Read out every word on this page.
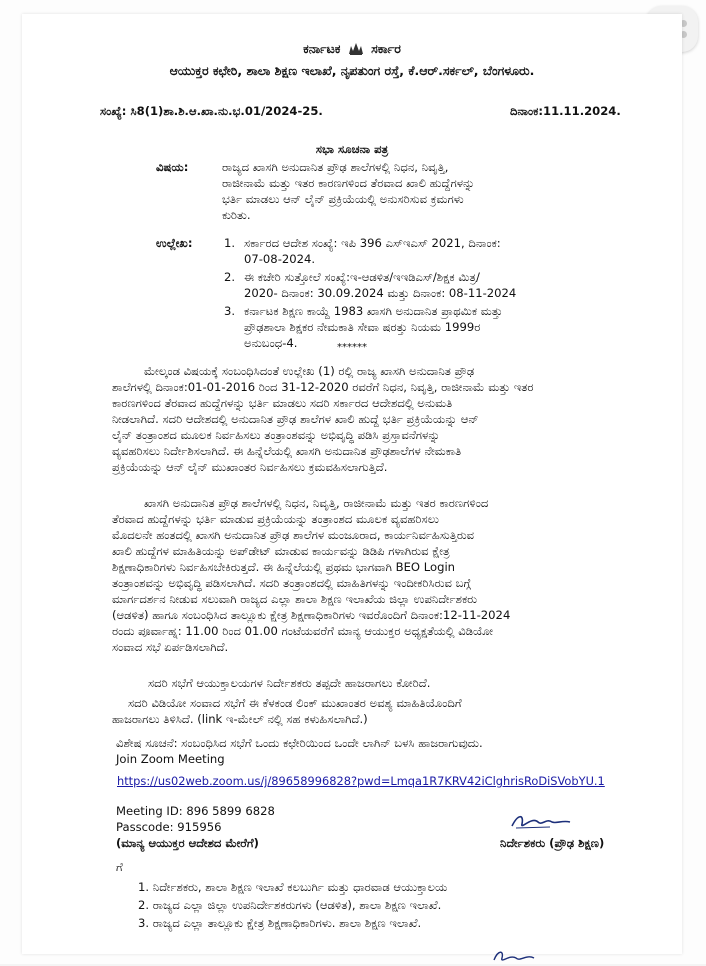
ಕರ್ನಾಟಕ ಸರ್ಕಾರ
ಆಯುಕ್ತರ ಕಛೇರಿ, ಶಾಲಾ ಶಿಕ್ಷಣ ಇಲಾಖೆ, ನೃಪತುಂಗ ರಸ್ತೆ, ಕೆ.ಆರ್.ಸರ್ಕಲ್, ಬೆಂಗಳೂರು.
ಸಂಖ್ಯೆ: ಸಿ8(1)ಶಾ.ಶಿ.ಆ.ಖಾ.ನು.ಭ.01/2024-25.	ದಿನಾಂಕ:11.11.2024.
ಸಭಾ ಸೂಚನಾ ಪತ್ರ
ವಿಷಯ:	ರಾಜ್ಯದ ಖಾಸಗಿ ಅನುದಾನಿತ ಪ್ರೌಢ ಶಾಲೆಗಳಲ್ಲಿ ನಿಧನ, ನಿವೃತ್ತಿ,
ರಾಜೀನಾಮೆ ಮತ್ತು ಇತರ ಕಾರಣಗಳಿಂದ ತೆರವಾದ ಖಾಲಿ ಹುದ್ದೆಗಳನ್ನು
ಭರ್ತಿ ಮಾಡಲು ಆನ್ ಲೈನ್ ಪ್ರಕ್ರಿಯೆಯಲ್ಲಿ ಅನುಸರಿಸುವ ಕ್ರಮಗಳು
ಕುರಿತು.
ಉಲ್ಲೇಖ:	1. ಸರ್ಕಾರದ ಆದೇಶ ಸಂಖ್ಯೆ: ಇಪಿ 396 ಎಸ್‌ಇಎಸ್ 2021, ದಿನಾಂಕ:
07-08-2024.
2. ಈ ಕಚೇರಿ ಸುತ್ತೋಲೆ ಸಂಖ್ಯೆ:ಇ-ಆಡಳಿತ/ಇಇಡಿಎಸ್/ಶಿಕ್ಷಕ ಮಿತ್ರ/
2020- ದಿನಾಂಕ: 30.09.2024 ಮತ್ತು ದಿನಾಂಕ: 08-11-2024
3. ಕರ್ನಾಟಕ ಶಿಕ್ಷಣ ಕಾಯ್ದೆ 1983 ಖಾಸಗಿ ಅನುದಾನಿತ ಪ್ರಾಥಮಿಕ ಮತ್ತು
ಪ್ರೌಢಶಾಲಾ ಶಿಕ್ಷಕರ ನೇಮಕಾತಿ ಸೇವಾ ಷರತ್ತು ನಿಯಮ 1999ರ
ಅನುಬಂಧ-4.	******
ಮೇಲ್ಕಂಡ ವಿಷಯಕ್ಕೆ ಸಂಬಂಧಿಸಿದಂತೆ ಉಲ್ಲೇಖ (1) ರಲ್ಲಿ ರಾಜ್ಯ ಖಾಸಗಿ ಅನುದಾನಿತ ಪ್ರೌಢ
ಶಾಲೆಗಳಲ್ಲಿ ದಿನಾಂಕ:01-01-2016 ರಿಂದ 31-12-2020 ರವರೆಗೆ ನಿಧನ, ನಿವೃತ್ತಿ, ರಾಜೀನಾಮೆ ಮತ್ತು ಇತರ
ಕಾರಣಗಳಿಂದ ತೆರವಾದ ಹುದ್ದೆಗಳನ್ನು ಭರ್ತಿ ಮಾಡಲು ಸದರಿ ಸರ್ಕಾರದ ಆದೇಶದಲ್ಲಿ ಅನುಮತಿ
ನೀಡಲಾಗಿದೆ. ಸದರಿ ಆದೇಶದಲ್ಲಿ ಅನುದಾನಿತ ಪ್ರೌಢ ಶಾಲೆಗಳ ಖಾಲಿ ಹುದ್ದೆ ಭರ್ತಿ ಪ್ರಕ್ರಿಯೆಯನ್ನು ಆನ್
ಲೈನ್ ತಂತ್ರಾಂಶದ ಮೂಲಕ ನಿರ್ವಹಿಸಲು ತಂತ್ರಾಂಶವನ್ನು ಅಭಿವೃದ್ಧಿ ಪಡಿಸಿ ಪ್ರಸ್ತಾವನೆಗಳನ್ನು
ವ್ಯವಹರಿಸಲು ನಿರ್ದೇಶಿಸಲಾಗಿದೆ. ಈ ಹಿನ್ನೆಲೆಯಲ್ಲಿ ಖಾಸಗಿ ಅನುದಾನಿತ ಪ್ರೌಢಶಾಲೆಗಳ ನೇಮಕಾತಿ
ಪ್ರಕ್ರಿಯೆಯನ್ನು ಆನ್ ಲೈನ್ ಮುಖಾಂತರ ನಿರ್ವಹಿಸಲು ಕ್ರಮವಹಿಸಲಾಗುತ್ತಿದೆ.
ಖಾಸಗಿ ಅನುದಾನಿತ ಪ್ರೌಢ ಶಾಲೆಗಳಲ್ಲಿ ನಿಧನ, ನಿವೃತ್ತಿ, ರಾಜೀನಾಮೆ ಮತ್ತು ಇತರ ಕಾರಣಗಳಿಂದ
ತೆರವಾದ ಹುದ್ದೆಗಳನ್ನು ಭರ್ತಿ ಮಾಡುವ ಪ್ರಕ್ರಿಯೆಯನ್ನು ತಂತ್ರಾಂಶದ ಮೂಲಕ ವ್ಯವಹರಿಸಲು
ಮೊದಲನೇ ಹಂತದಲ್ಲಿ ಖಾಸಗಿ ಅನುದಾನಿತ ಪ್ರೌಢ ಶಾಲೆಗಳ ಮಂಜೂರಾದ, ಕಾರ್ಯನಿರ್ವಹಿಸುತ್ತಿರುವ
ಖಾಲಿ ಹುದ್ದೆಗಳ ಮಾಹಿತಿಯನ್ನು ಅಪ್‌ಡೇಟ್ ಮಾಡುವ ಕಾರ್ಯವನ್ನು ಡಿಡಿಪಿ ಗಳಾಗಿರುವ ಕ್ಷೇತ್ರ
ಶಿಕ್ಷಣಾಧಿಕಾರಿಗಳು ನಿರ್ವಹಿಸಬೇಕಿರುತ್ತದೆ. ಈ ಹಿನ್ನೆಲೆಯಲ್ಲಿ ಪ್ರಥಮ ಭಾಗವಾಗಿ BEO Login
ತಂತ್ರಾಂಶವನ್ನು ಅಭಿವೃದ್ಧಿ ಪಡಿಸಲಾಗಿದೆ. ಸದರಿ ತಂತ್ರಾಂಶದಲ್ಲಿ ಮಾಹಿತಿಗಳನ್ನು ಇಂದೀಕರಿಸಿರುವ ಬಗ್ಗೆ
ಮಾರ್ಗದರ್ಶನ ನೀಡುವ ಸಲುವಾಗಿ ರಾಜ್ಯದ ಎಲ್ಲಾ ಶಾಲಾ ಶಿಕ್ಷಣ ಇಲಾಖೆಯ ಜಿಲ್ಲಾ ಉಪನಿರ್ದೇಶಕರು
(ಆಡಳಿತ) ಹಾಗೂ ಸಂಬಂಧಿಸಿದ ತಾಲ್ಲೂಕು ಕ್ಷೇತ್ರ ಶಿಕ್ಷಣಾಧಿಕಾರಿಗಳು ಇವರೊಂದಿಗೆ ದಿನಾಂಕ:12-11-2024
ರಂದು ಪೂರ್ವಾಹ್ನ: 11.00 ರಿಂದ 01.00 ಗಂಟೆಯವರೆಗೆ ಮಾನ್ಯ ಆಯುಕ್ತರ ಅಧ್ಯಕ್ಷತೆಯಲ್ಲಿ ವಿಡಿಯೋ
ಸಂವಾದ ಸಭೆ ಏರ್ಪಡಿಸಲಾಗಿದೆ.
ಸದರಿ ಸಭೆಗೆ ಆಯುಕ್ತಾಲಯಗಳ ನಿರ್ದೇಶಕರು ತಪ್ಪದೇ ಹಾಜರಾಗಲು ಕೋರಿದೆ.
ಸದರಿ ವಿಡಿಯೋ ಸಂವಾದ ಸಭೆಗೆ ಈ ಕೆಳಕಂಡ ಲಿಂಕ್ ಮುಖಾಂತರ ಅವಶ್ಯ ಮಾಹಿತಿಯೊಂದಿಗೆ
ಹಾಜರಾಗಲು ತಿಳಿಸಿದೆ. (link ಇ-ಮೇಲ್ ನಲ್ಲಿ ಸಹ ಕಳುಹಿಸಲಾಗಿದೆ.)
ವಿಶೇಷ ಸೂಚನೆ: ಸಂಬಂಧಿಸಿದ ಸಭೆಗೆ ಒಂದು ಕಛೇರಿಯಿಂದ ಒಂದೇ ಲಾಗಿನ್ ಬಳಸಿ ಹಾಜರಾಗುವುದು.
Join Zoom Meeting
https://us02web.zoom.us/j/89658996828?pwd=Lmqa1R7KRV42iClghrisRoDiSVobYU.1
Meeting ID: 896 5899 6828
Passcode: 915956
(ಮಾನ್ಯ ಆಯುಕ್ತರ ಆದೇಶದ ಮೇರೆಗೆ)	ನಿರ್ದೇಶಕರು (ಪ್ರೌಢ ಶಿಕ್ಷಣ)
ಗೆ
1. ನಿರ್ದೇಶಕರು, ಶಾಲಾ ಶಿಕ್ಷಣ ಇಲಾಖೆ ಕಲಬುರ್ಗಿ ಮತ್ತು ಧಾರವಾಡ ಆಯುಕ್ತಾಲಯ
2. ರಾಜ್ಯದ ಎಲ್ಲಾ ಜಿಲ್ಲಾ ಉಪನಿರ್ದೇಶಕರುಗಳು (ಆಡಳಿತ), ಶಾಲಾ ಶಿಕ್ಷಣ ಇಲಾಖೆ.
3. ರಾಜ್ಯದ ಎಲ್ಲಾ ತಾಲ್ಲೂಕು ಕ್ಷೇತ್ರ ಶಿಕ್ಷಣಾಧಿಕಾರಿಗಳು. ಶಾಲಾ ಶಿಕ್ಷಣ ಇಲಾಖೆ.
